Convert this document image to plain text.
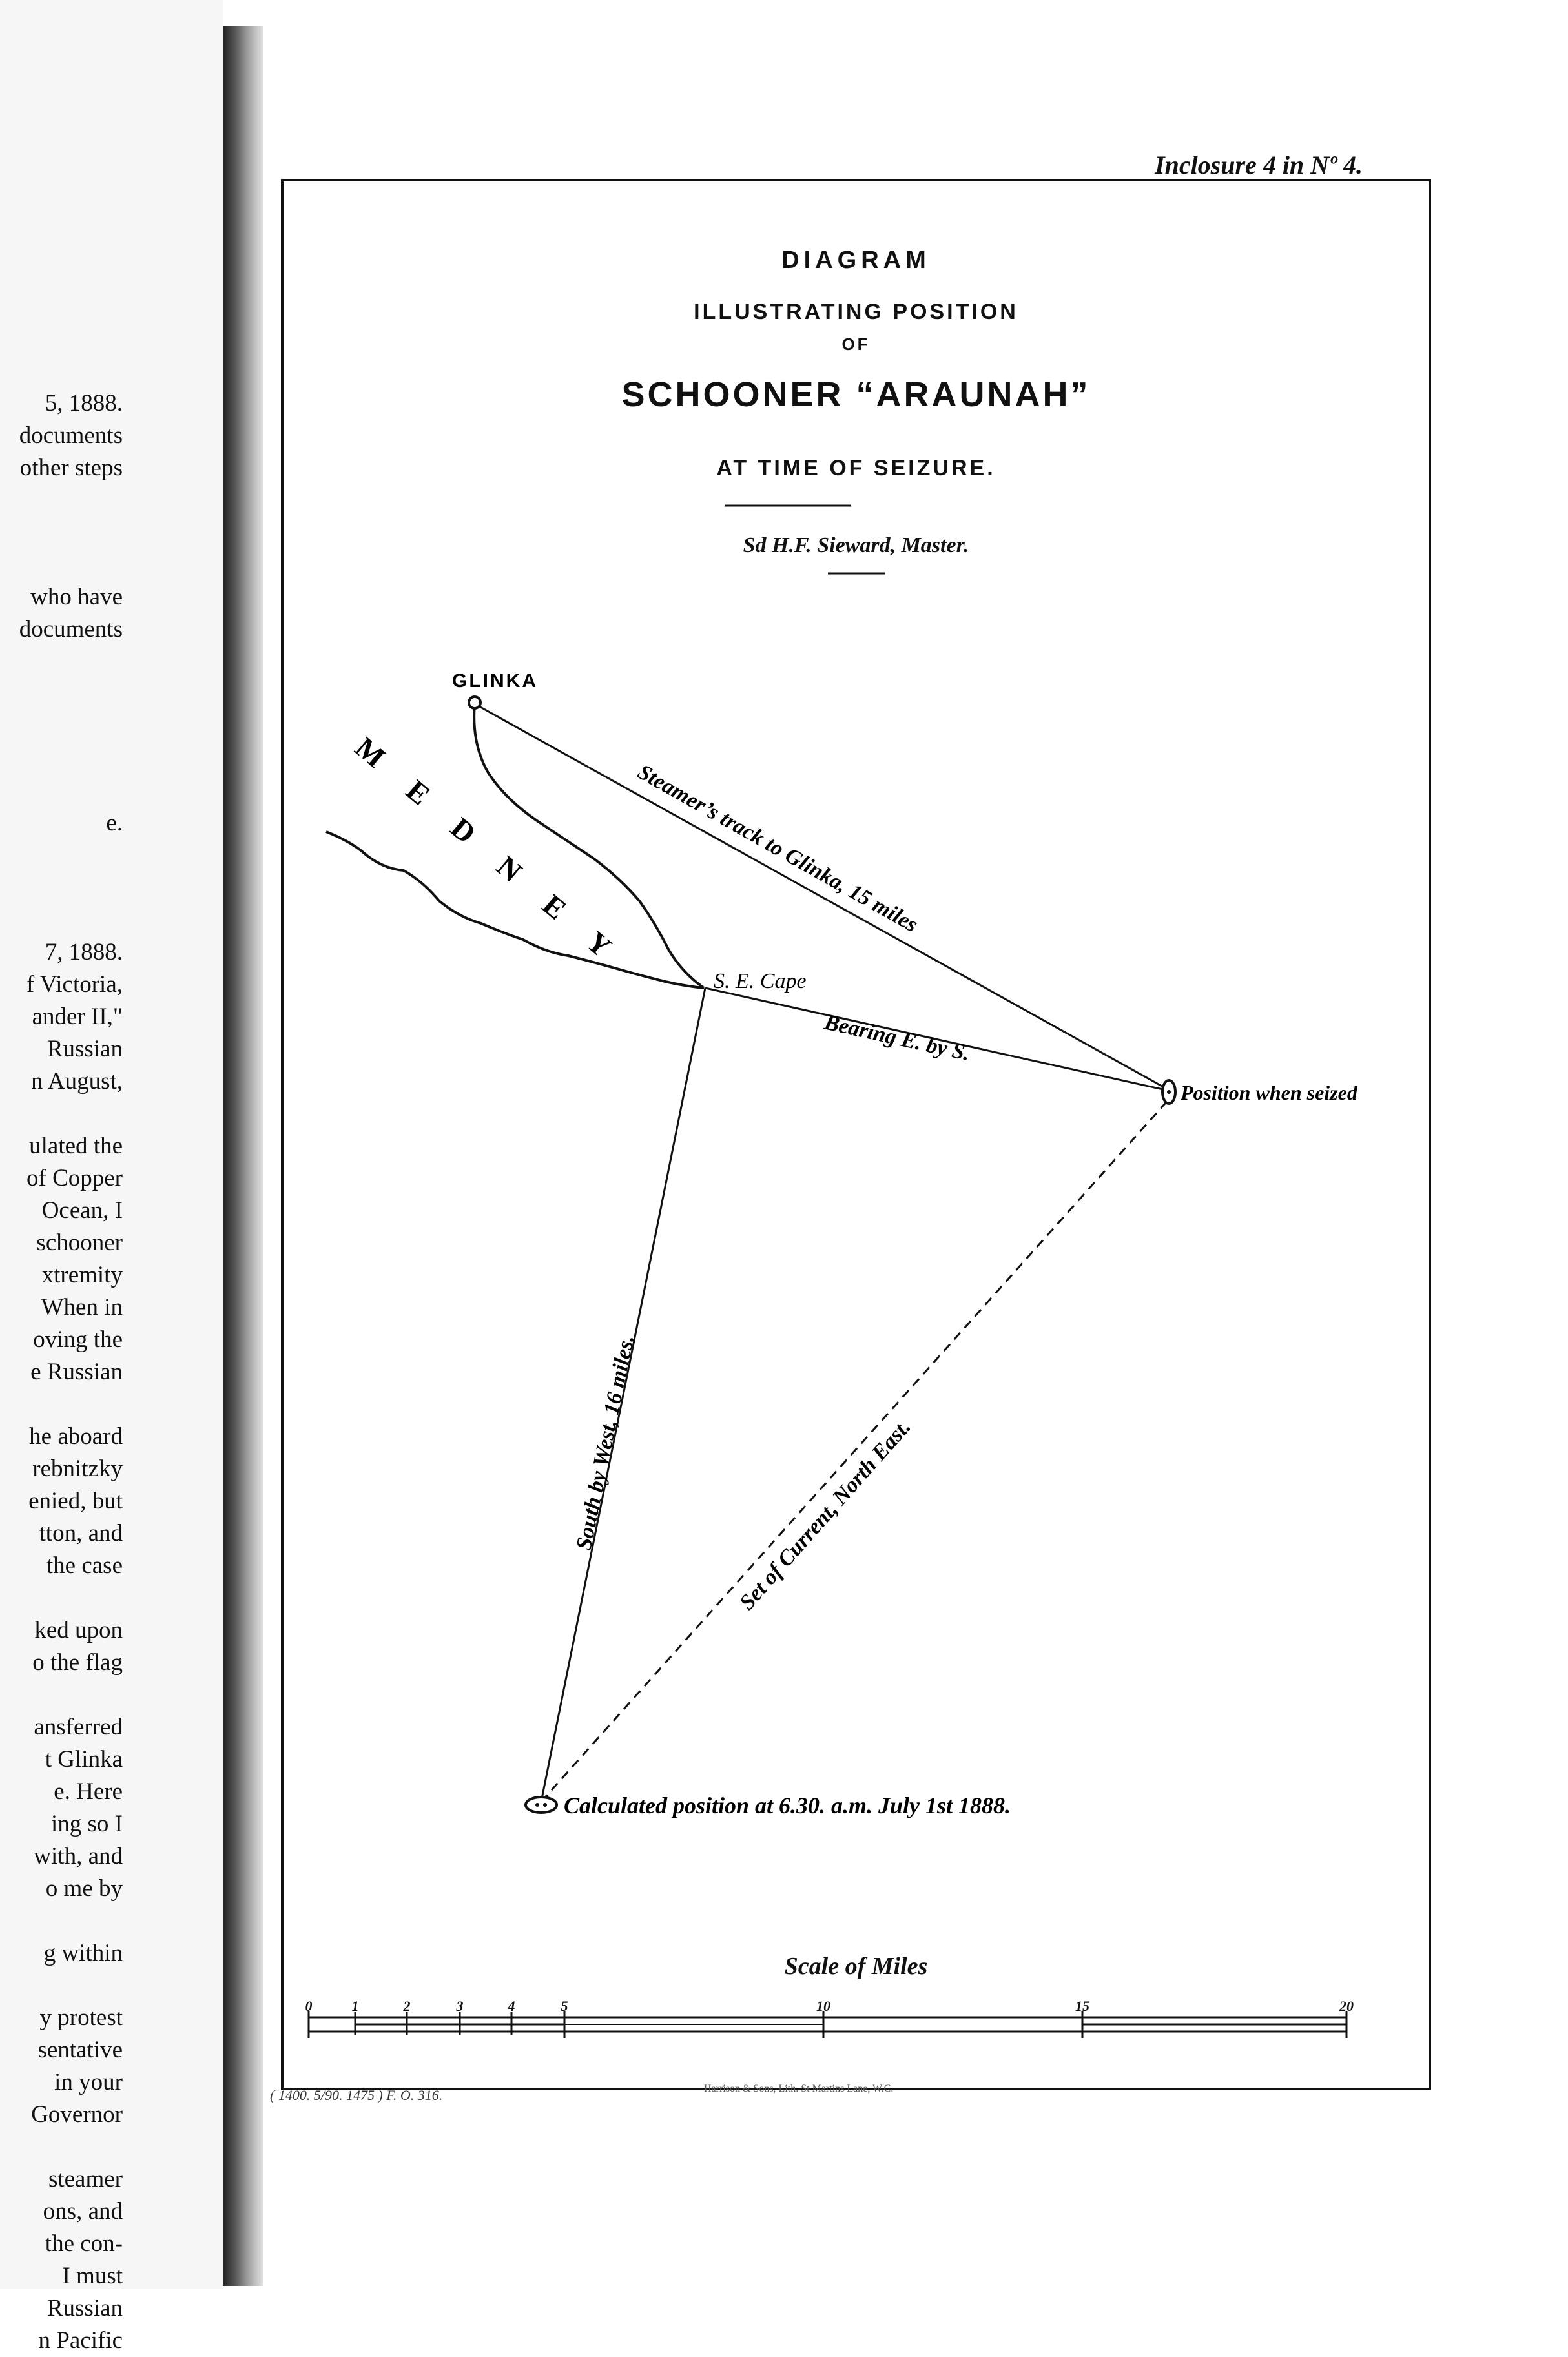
5, 1888.
documents
other steps
who have
documents
e.
7, 1888.
f Victoria,
ander II,"
Russian
n August,
ulated the
of Copper
Ocean, I
schooner
xtremity
When in
oving the
e Russian
he aboard
rebnitzky
enied, but
tton, and
the case
ked upon
o the flag
ansferred
t Glinka
e. Here
ing so I
with, and
o me by
g within
y protest
sentative
in your
Governor
steamer
ons, and
the con-
I must
Russian
n Pacific
Inclosure 4 in Nº 4.
DIAGRAM
ILLUSTRATING POSITION
OF
SCHOONER “ARAUNAH”
AT TIME OF SEIZURE.
Sd H.F. Sieward, Master.
GLINKA
M E D N E Y
S. E. Cape
Steamer’s track to Glinka, 15 miles
Bearing E. by S.
Position when seized
South by West, 16 miles.	Set of Current, North East.
Calculated position at 6.30. a.m. July 1st 1888.
Scale of Miles
0	1	2	3	4	5	10	15	20
( 1400. 5/90. 1475 ) F. O. 316.	Harrison & Sons, Lith. St Martins Lane, W.C.
